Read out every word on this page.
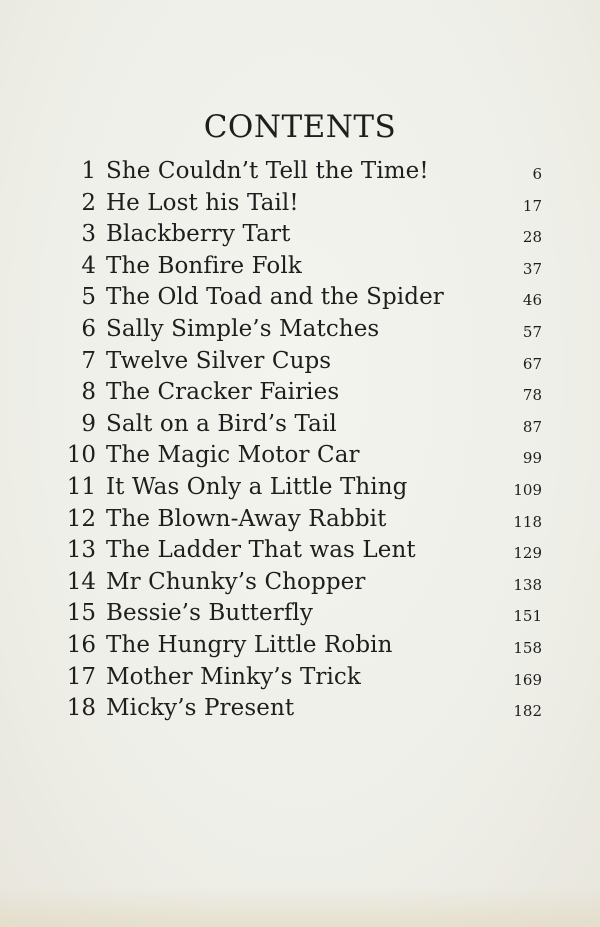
CONTENTS
1 She Couldn’t Tell the Time!	6
2 He Lost his Tail!	17
3 Blackberry Tart	28
4 The Bonfire Folk	37
5 The Old Toad and the Spider	46
6 Sally Simple’s Matches	57
7 Twelve Silver Cups	67
8 The Cracker Fairies	78
9 Salt on a Bird’s Tail	87
10 The Magic Motor Car	99
11 It Was Only a Little Thing	109
12 The Blown-Away Rabbit	118
13 The Ladder That was Lent	129
14 Mr Chunky’s Chopper	138
15 Bessie’s Butterfly	151
16 The Hungry Little Robin	158
17 Mother Minky’s Trick	169
18 Micky’s Present	182
